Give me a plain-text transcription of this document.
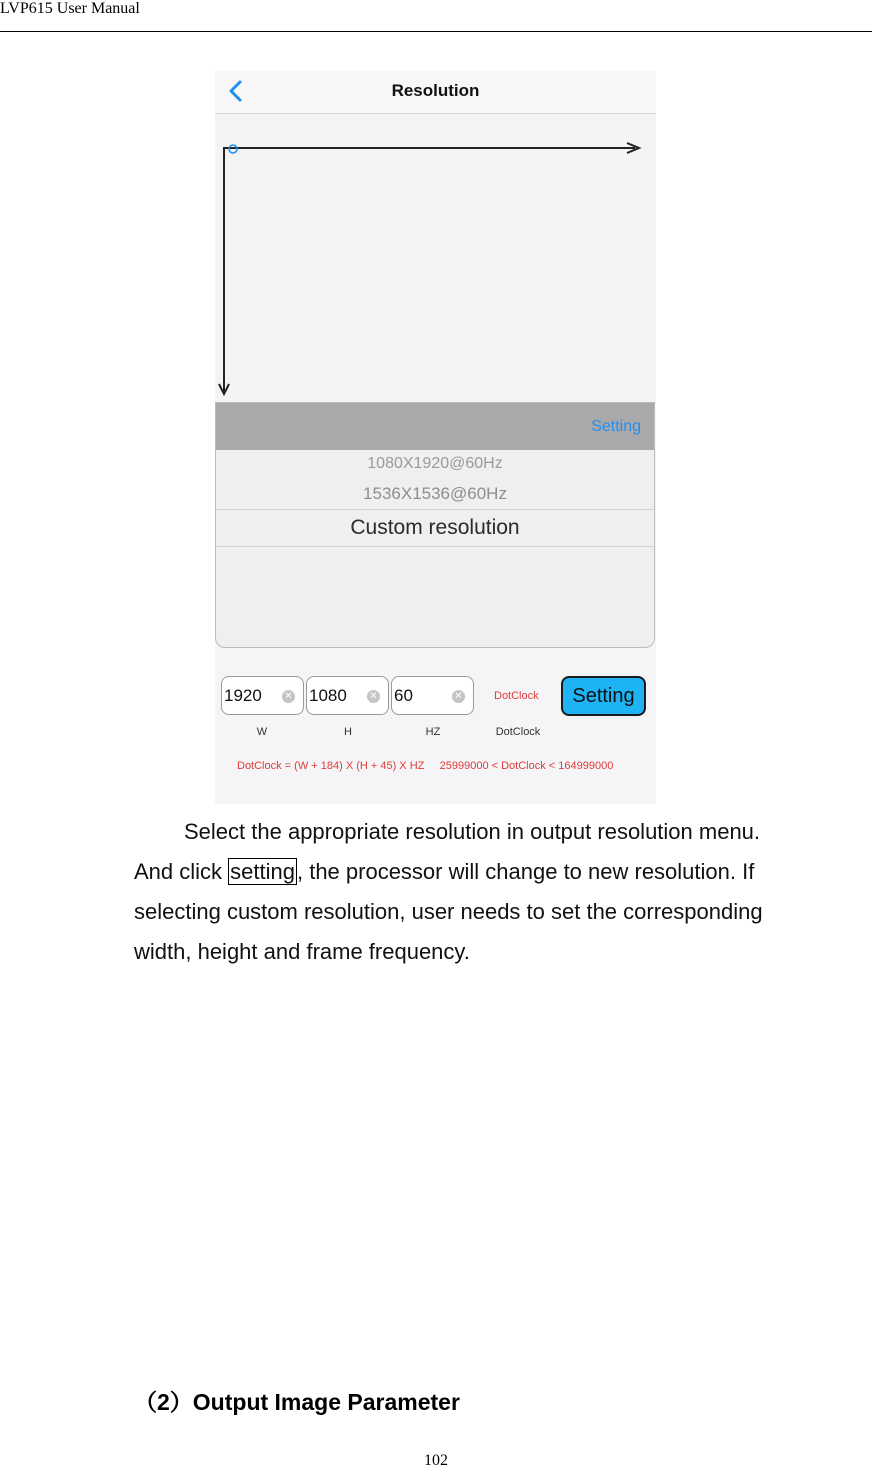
LVP615 User Manual
Resolution
Setting
1080X1920@60Hz
1536X1536@60Hz
Custom resolution
1920 ✕ 1080 ✕ 60	✕	DotClock	Setting
W	H	HZ	DotClock
DotClock = (W + 184) X (H + 45) X HZ     25999000 < DotClock < 164999000
Select the appropriate resolution in output resolution menu.
And click setting, the processor will change to new resolution. If
selecting custom resolution, user needs to set the corresponding
width, height and frame frequency.
（2）Output Image Parameter
102
